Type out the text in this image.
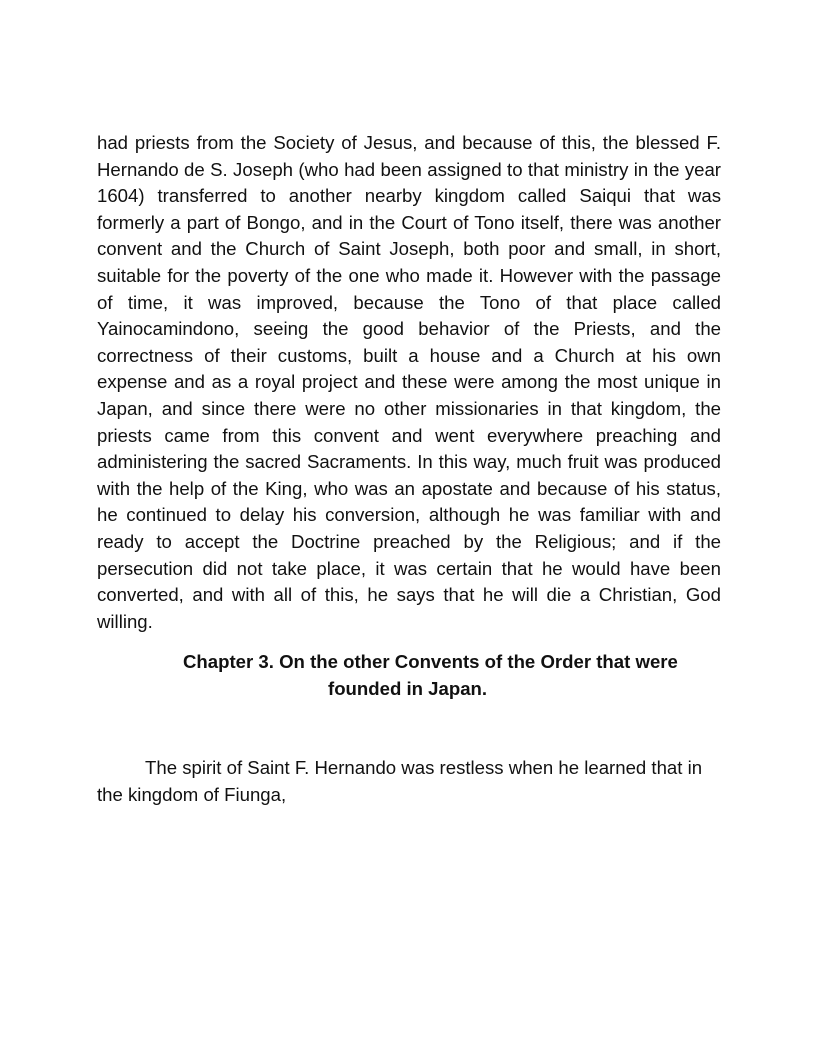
had priests from the Society of Jesus, and because of this, the blessed F. Hernando de S. Joseph (who had been assigned to that ministry in the year 1604) transferred to another nearby kingdom called Saiqui that was formerly a part of Bongo, and in the Court of Tono itself, there was another convent and the Church of Saint Joseph, both poor and small, in short, suitable for the poverty of the one who made it. However with the passage of time, it was improved, because the Tono of that place called Yainocamindono, seeing the good behavior of the Priests, and the correctness of their customs, built a house and a Church at his own expense and as a royal project and these were among the most unique in Japan, and since there were no other missionaries in that kingdom, the priests came from this convent and went everywhere preaching and administering the sacred Sacraments. In this way, much fruit was produced with the help of the King, who was an apostate and because of his status, he continued to delay his conversion, although he was familiar with and ready to accept the Doctrine preached by the Religious; and if the persecution did not take place, it was certain that he would have been converted, and with all of this, he says that he will die a Christian, God willing.

Chapter 3. On the other Convents of the Order that were
founded in Japan.

The spirit of Saint F. Hernando was restless when he learned that in the kingdom of Fiunga,
